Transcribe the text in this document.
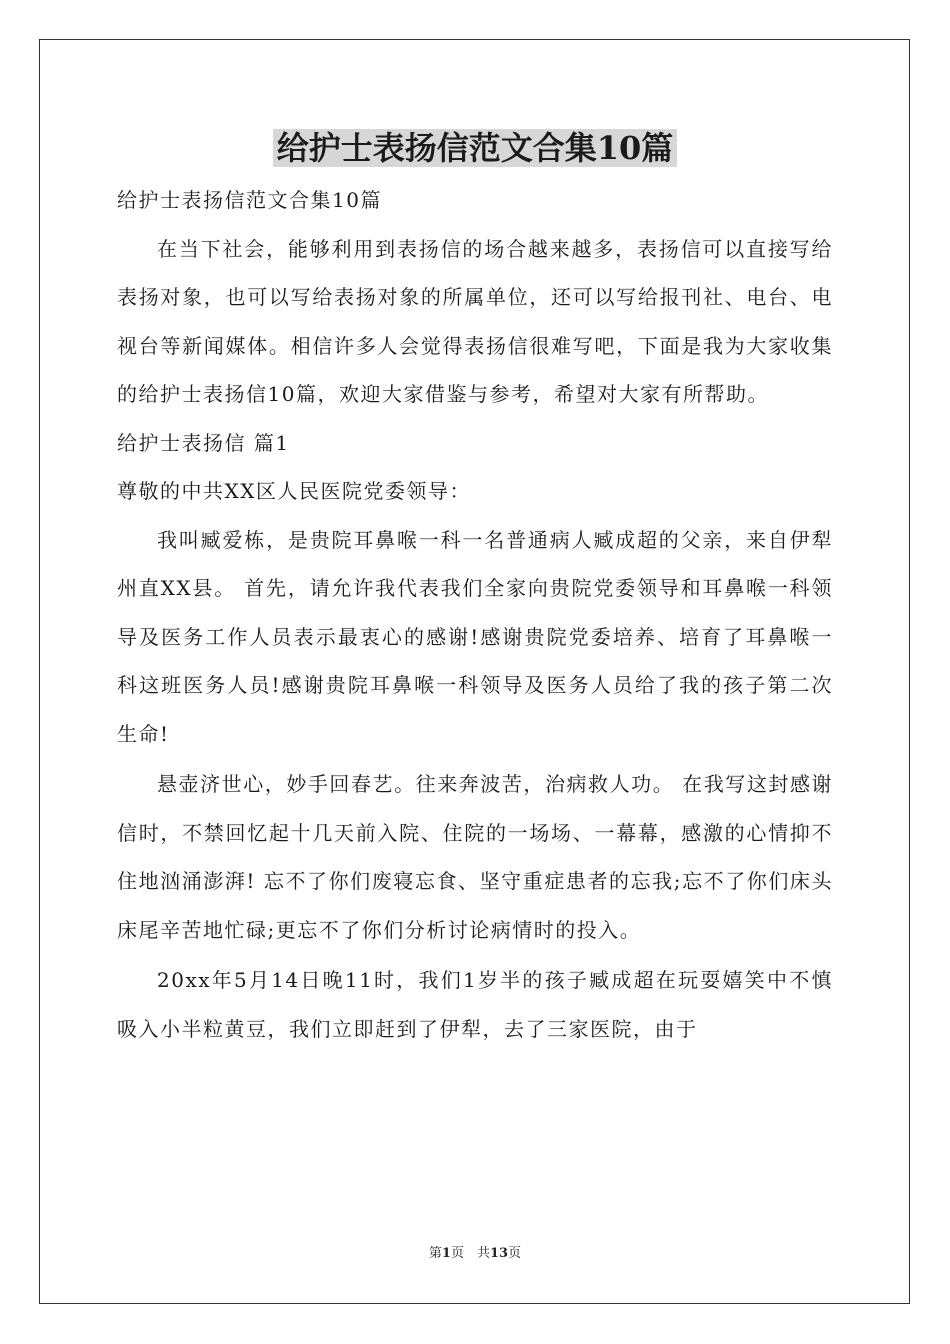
给护士表扬信范文合集10篇

给护士表扬信范文合集10篇

在当下社会，能够利用到表扬信的场合越来越多，表扬信可以直接写给表扬对象，也可以写给表扬对象的所属单位，还可以写给报刊社、电台、电视台等新闻媒体。相信许多人会觉得表扬信很难写吧，下面是我为大家收集的给护士表扬信10篇，欢迎大家借鉴与参考，希望对大家有所帮助。

给护士表扬信 篇1

尊敬的中共XX区人民医院党委领导：

我叫臧爱栋，是贵院耳鼻喉一科一名普通病人臧成超的父亲，来自伊犁州直XX县。 首先，请允许我代表我们全家向贵院党委领导和耳鼻喉一科领导及医务工作人员表示最衷心的感谢!感谢贵院党委培养、培育了耳鼻喉一科这班医务人员!感谢贵院耳鼻喉一科领导及医务人员给了我的孩子第二次生命!

悬壶济世心，妙手回春艺。往来奔波苦，治病救人功。 在我写这封感谢信时，不禁回忆起十几天前入院、住院的一场场、一幕幕，感激的心情抑不住地汹涌澎湃! 忘不了你们废寝忘食、坚守重症患者的忘我;忘不了你们床头床尾辛苦地忙碌;更忘不了你们分析讨论病情时的投入。

20xx年5月14日晚11时，我们1岁半的孩子臧成超在玩耍嬉笑中不慎吸入小半粒黄豆，我们立即赶到了伊犁，去了三家医院，由于

第1页　共13页
